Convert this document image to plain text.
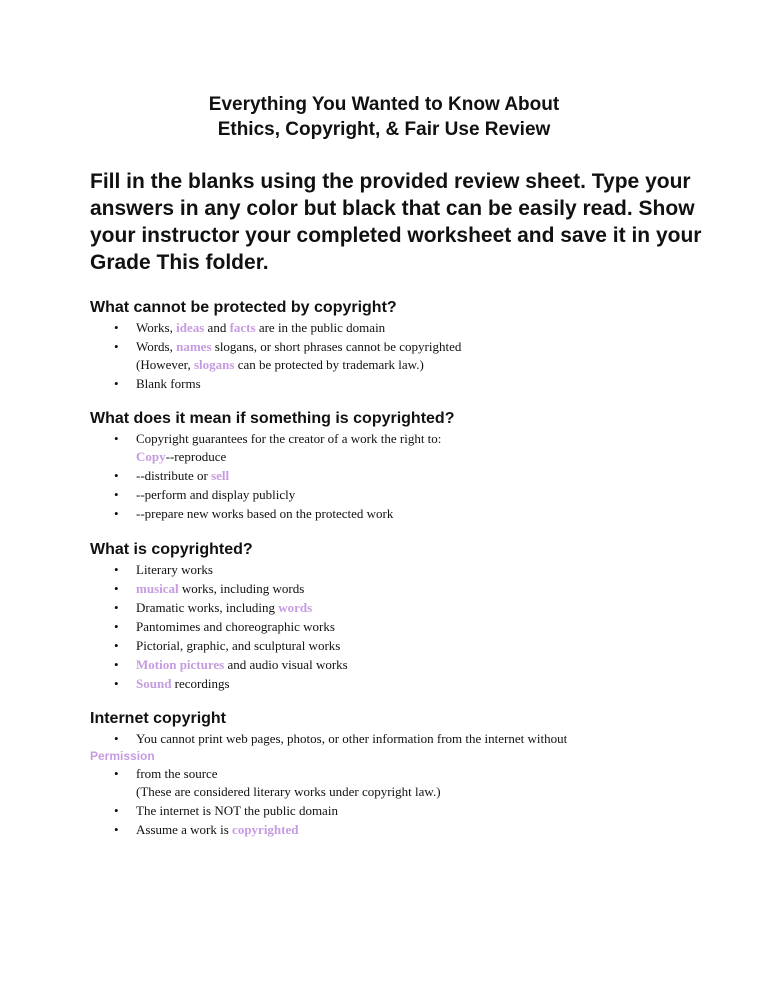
Everything You Wanted to Know About
Ethics, Copyright, & Fair Use Review
Fill in the blanks using the provided review sheet. Type your answers in any color but black that can be easily read. Show your instructor your completed worksheet and save it in your Grade This folder.
What cannot be protected by copyright?
• Works, ideas and facts are in the public domain
• Words, names slogans, or short phrases cannot be copyrighted
(However, slogans can be protected by trademark law.)
• Blank forms
What does it mean if something is copyrighted?
• Copyright guarantees for the creator of a work the right to:
Copy--reproduce
• --distribute or sell
• --perform and display publicly
• --prepare new works based on the protected work
What is copyrighted?
• Literary works
• musical works, including words
• Dramatic works, including words
• Pantomimes and choreographic works
• Pictorial, graphic, and sculptural works
• Motion pictures and audio visual works
• Sound recordings
Internet copyright
• You cannot print web pages, photos, or other information from the internet without
Permission
• from the source
(These are considered literary works under copyright law.)
• The internet is NOT the public domain
• Assume a work is copyrighted
